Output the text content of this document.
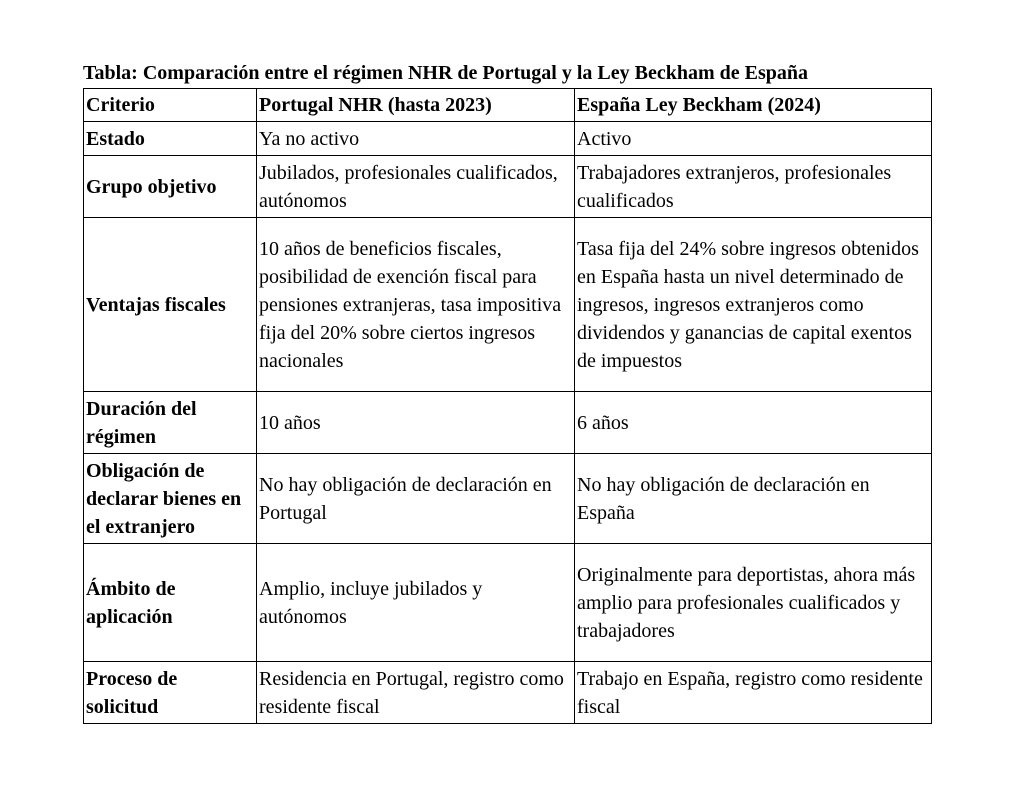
Tabla: Comparación entre el régimen NHR de Portugal y la Ley Beckham de España
Criterio	Portugal NHR (hasta 2023)	España Ley Beckham (2024)
Estado	Ya no activo	Activo
Grupo objetivo	Jubilados, profesionales cualificados, autónomos	Trabajadores extranjeros, profesionales cualificados
Ventajas fiscales	10 años de beneficios fiscales, posibilidad de exención fiscal para pensiones extranjeras, tasa impositiva fija del 20% sobre ciertos ingresos nacionales	Tasa fija del 24% sobre ingresos obtenidos en España hasta un nivel determinado de ingresos, ingresos extranjeros como dividendos y ganancias de capital exentos de impuestos
Duración del régimen	10 años	6 años
Obligación de declarar bienes en el extranjero	No hay obligación de declaración en Portugal	No hay obligación de declaración en España
Ámbito de aplicación	Amplio, incluye jubilados y autónomos	Originalmente para deportistas, ahora más amplio para profesionales cualificados y trabajadores
Proceso de solicitud	Residencia en Portugal, registro como residente fiscal	Trabajo en España, registro como residente fiscal
